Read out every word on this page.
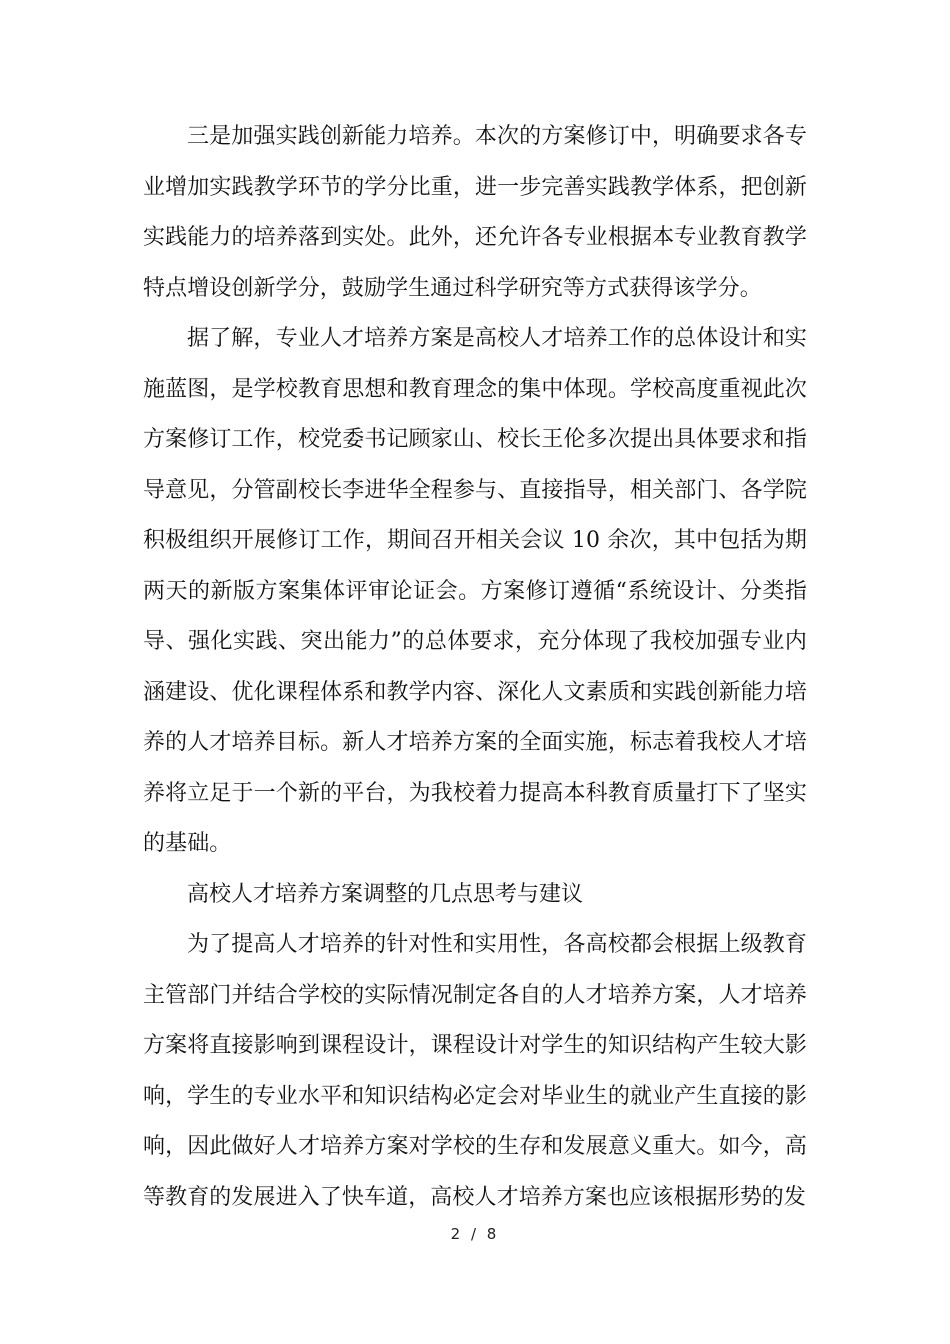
三是加强实践创新能力培养。本次的方案修订中，明确要求各专业增加实践教学环节的学分比重，进一步完善实践教学体系，把创新实践能力的培养落到实处。此外，还允许各专业根据本专业教育教学特点增设创新学分，鼓励学生通过科学研究等方式获得该学分。

据了解，专业人才培养方案是高校人才培养工作的总体设计和实施蓝图，是学校教育思想和教育理念的集中体现。学校高度重视此次方案修订工作，校党委书记顾家山、校长王伦多次提出具体要求和指导意见，分管副校长李进华全程参与、直接指导，相关部门、各学院积极组织开展修订工作，期间召开相关会议 10 余次，其中包括为期两天的新版方案集体评审论证会。方案修订遵循“系统设计、分类指导、强化实践、突出能力”的总体要求，充分体现了我校加强专业内涵建设、优化课程体系和教学内容、深化人文素质和实践创新能力培养的人才培养目标。新人才培养方案的全面实施，标志着我校人才培养将立足于一个新的平台，为我校着力提高本科教育质量打下了坚实的基础。

高校人才培养方案调整的几点思考与建议

为了提高人才培养的针对性和实用性，各高校都会根据上级教育主管部门并结合学校的实际情况制定各自的人才培养方案，人才培养方案将直接影响到课程设计，课程设计对学生的知识结构产生较大影响，学生的专业水平和知识结构必定会对毕业生的就业产生直接的影响，因此做好人才培养方案对学校的生存和发展意义重大。如今，高等教育的发展进入了快车道，高校人才培养方案也应该根据形势的发

2 / 8
